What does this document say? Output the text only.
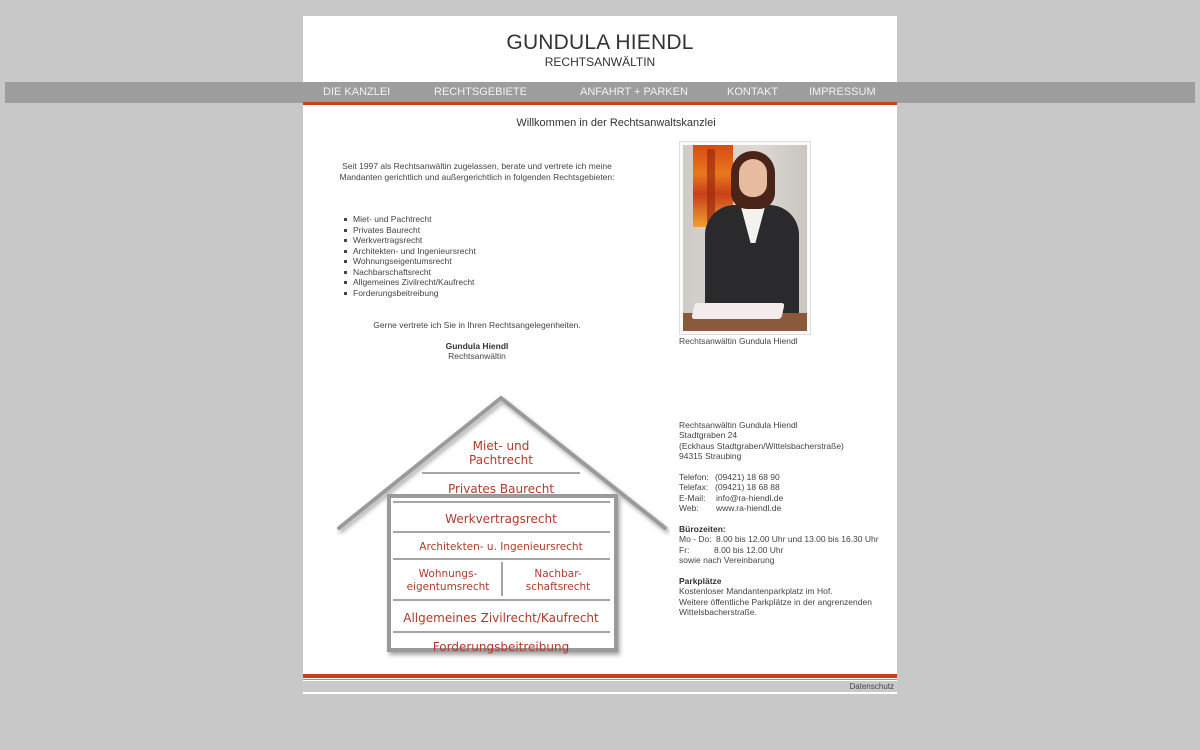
GUNDULA HIENDL
RECHTSANWÄLTIN
Willkommen in der Rechtsanwaltskanzlei
Seit 1997 als Rechtsanwältin zugelassen, berate und vertrete ich meine Mandanten gerichtlich und außergerichtlich in folgenden Rechtsgebieten:
Miet- und Pachtrecht
Privates Baurecht
Werkvertragsrecht
Architekten- und Ingenieursrecht
Wohnungseigentumsrecht
Nachbarschaftsrecht
Allgemeines Zivilrecht/Kaufrecht
Forderungsbeitreibung
Gerne vertrete ich Sie in Ihren Rechtsangelegenheiten.
Gundula Hiendl
Rechtsanwältin
Rechtsanwältin Gundula Hiendl
Miet- und
Pachtrecht
Privates Baurecht
Werkvertragsrecht
Architekten- u. Ingenieursrecht
Wohnungs-
eigentumsrecht
Nachbar-
schaftsrecht
Allgemeines Zivilrecht/Kaufrecht
Forderungsbeitreibung
Rechtsanwältin Gundula Hiendl
Stadtgraben 24
(Eckhaus Stadtgraben/Wittelsbacherstraße)
94315 Straubing
Telefon: (09421) 18 68 90
Telefax: (09421) 18 68 88
E-Mail:	info@ra-hiendl.de
Web:	www.ra-hiendl.de
Bürozeiten:
Mo - Do: 8.00 bis 12.00 Uhr und 13.00 bis 16.30 Uhr
Fr:	8.00 bis 12.00 Uhr
sowie nach Vereinbarung
Parkplätze
Kostenloser Mandantenparkplatz im Hof.
Weitere öffentliche Parkplätze in der angrenzenden
Wittelsbacherstraße.
DIE KANZLEI	RECHTSGEBIETE	ANFAHRT + PARKEN	KONTAKT	IMPRESSUM
Datenschutz
